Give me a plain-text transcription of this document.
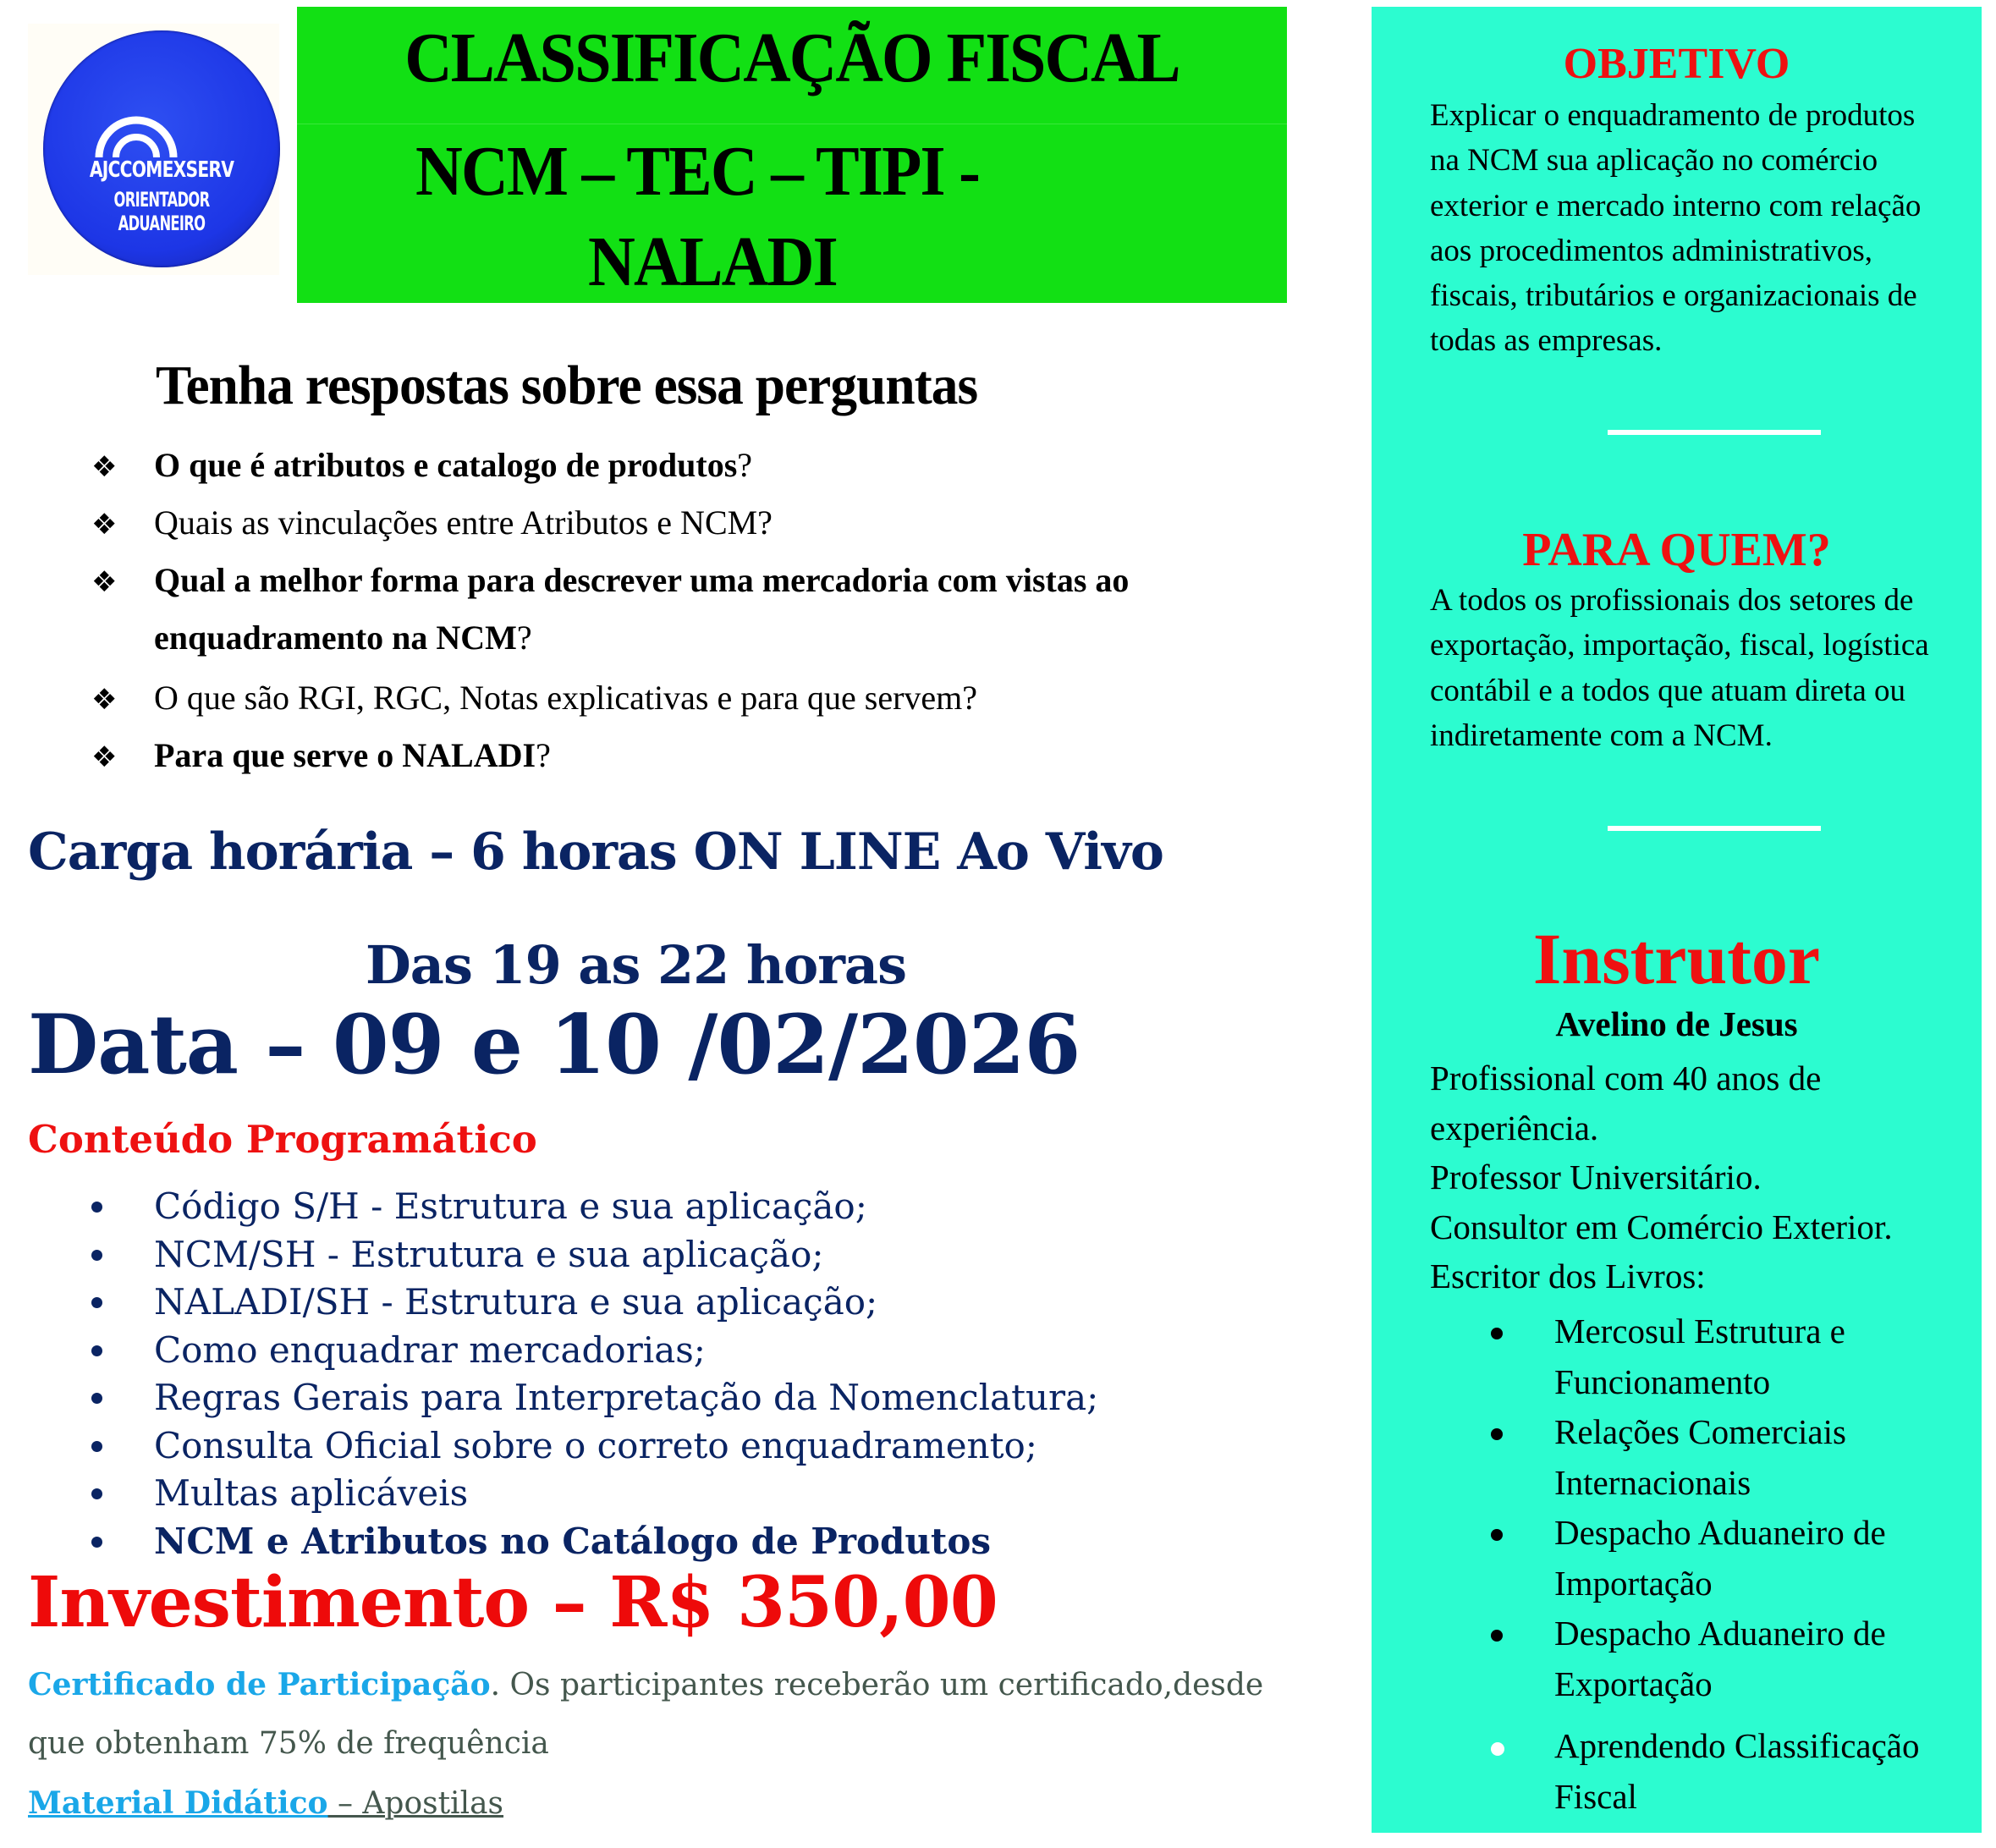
AJCCOMEXSERV
ORIENTADOR ADUANEIRO
CLASSIFICAÇÃO FISCAL
NCM – TEC – TIPI -
NALADI
Tenha respostas sobre essa perguntas
❖ O que é atributos e catalogo de produtos?
❖ Quais as vinculações entre Atributos e NCM?
❖ Qual a melhor forma para descrever uma mercadoria com vistas ao
enquadramento na NCM?
❖ O que são RGI, RGC, Notas explicativas e para que servem?
❖ Para que serve o NALADI?
Carga horária – 6 horas ON LINE Ao Vivo
Das 19 as 22 horas
Data – 09 e 10 /02/2026
Conteúdo Programático
Código S/H - Estrutura e sua aplicação;
NCM/SH - Estrutura e sua aplicação;
NALADI/SH - Estrutura e sua aplicação;
Como enquadrar mercadorias;
Regras Gerais para Interpretação da Nomenclatura;
Consulta Oficial sobre o correto enquadramento;
Multas aplicáveis
NCM e Atributos no Catálogo de Produtos
Investimento – R$ 350,00
Certificado de Participação. Os participantes receberão um certificado,desde
que obtenham 75% de frequência
Material Didático – Apostilas
OBJETIVO
Explicar o enquadramento de produtos
na NCM sua aplicação no comércio
exterior e mercado interno com relação
aos procedimentos administrativos,
fiscais, tributários e organizacionais de
todas as empresas.
PARA QUEM?
A todos os profissionais dos setores de
exportação, importação, fiscal, logística
contábil e a todos que atuam direta ou
indiretamente com a NCM.
Instrutor
Avelino de Jesus
Profissional com 40 anos de
experiência.
Professor Universitário.
Consultor em Comércio Exterior.
Escritor dos Livros:
Mercosul Estrutura e
Funcionamento
Relações Comerciais
Internacionais
Despacho Aduaneiro de
Importação
Despacho Aduaneiro de
Exportação
Aprendendo Classificação
Fiscal
